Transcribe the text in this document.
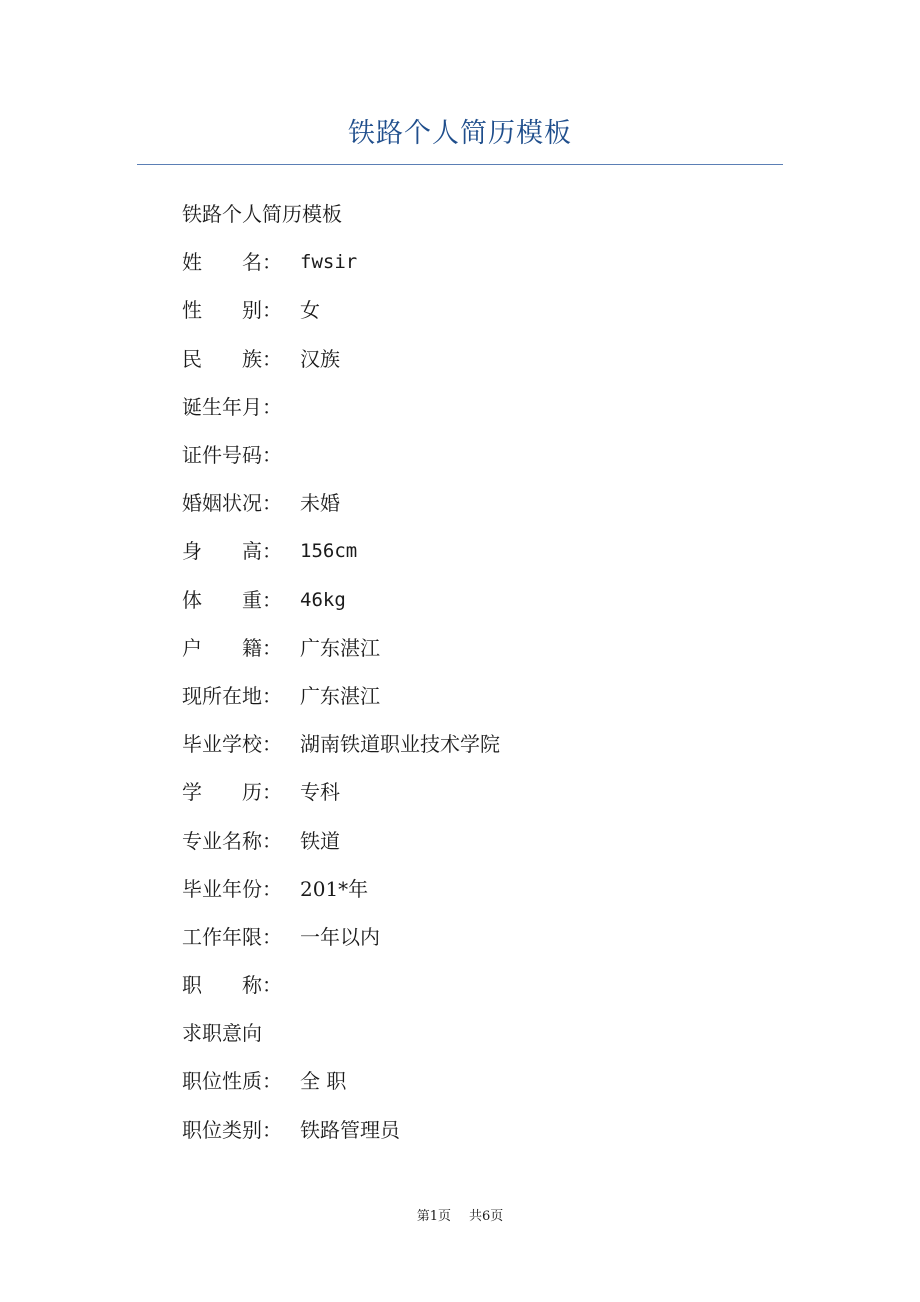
铁路个人简历模板
铁路个人简历模板
姓　　名： fwsir
性　　别： 女
民　　族： 汉族
诞生年月：
证件号码：
婚姻状况： 未婚
身　　高： 156cm
体　　重： 46kg
户　　籍： 广东湛江
现所在地： 广东湛江
毕业学校： 湖南铁道职业技术学院
学　　历： 专科
专业名称： 铁道
毕业年份： 201*年
工作年限： 一年以内
职　　称：
求职意向
职位性质： 全 职
职位类别： 铁路管理员
第1页 共6页
